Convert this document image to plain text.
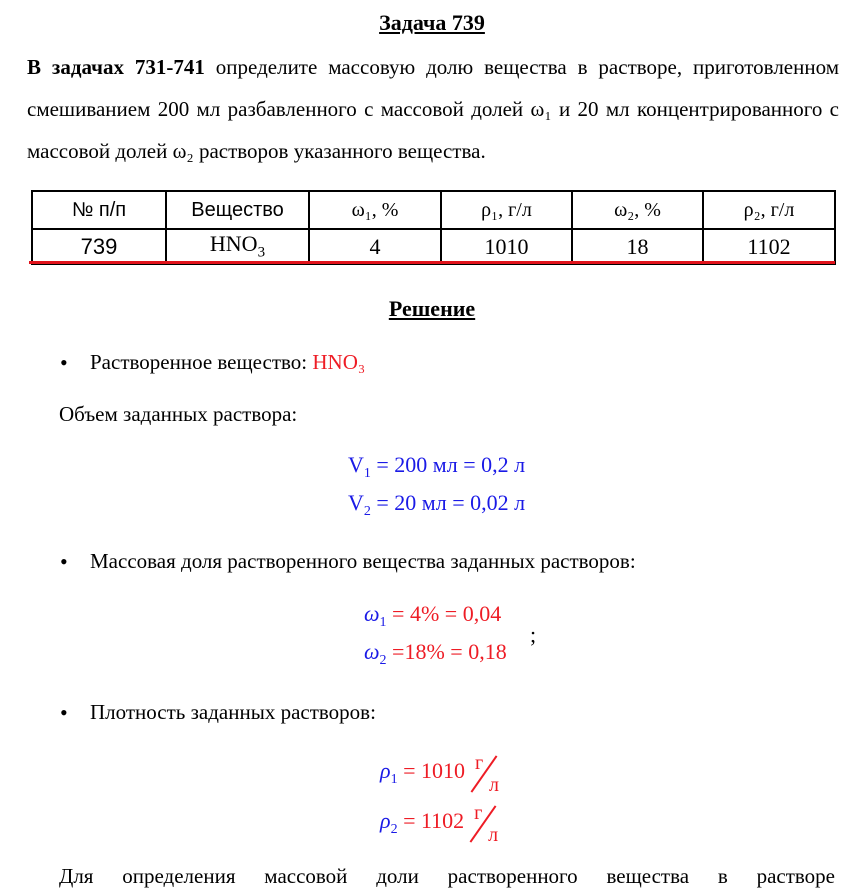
Задача 739
В задачах 731-741 определите массовую долю вещества в растворе, приготовленном смешиванием 200 мл разбавленного с массовой долей ω₁ и 20 мл концентрированного с массовой долей ω₂ растворов указанного вещества.
№ п/п	Вещество	ω₁, %	ρ₁, г/л	ω₂, %	ρ₂, г/л
739	$HNO_3$	4	1010	18	1102
Решение
• Растворенное вещество: HNO₃
Объем заданных раствора:
$V_1 = 200$ мл = 0,2 л
$V_2 = 20$ мл = 0,02 л
• Массовая доля растворенного вещества заданных растворов:
$\omega_1 = 4\% = 0,04$
$\omega_2 =18\% = 0,18$
;
• Плотность заданных растворов:
$\rho_1 = 1010$ г
л
$\rho_2 = 1102$ г
л
Для определения массовой доли растворенного вещества в растворе
